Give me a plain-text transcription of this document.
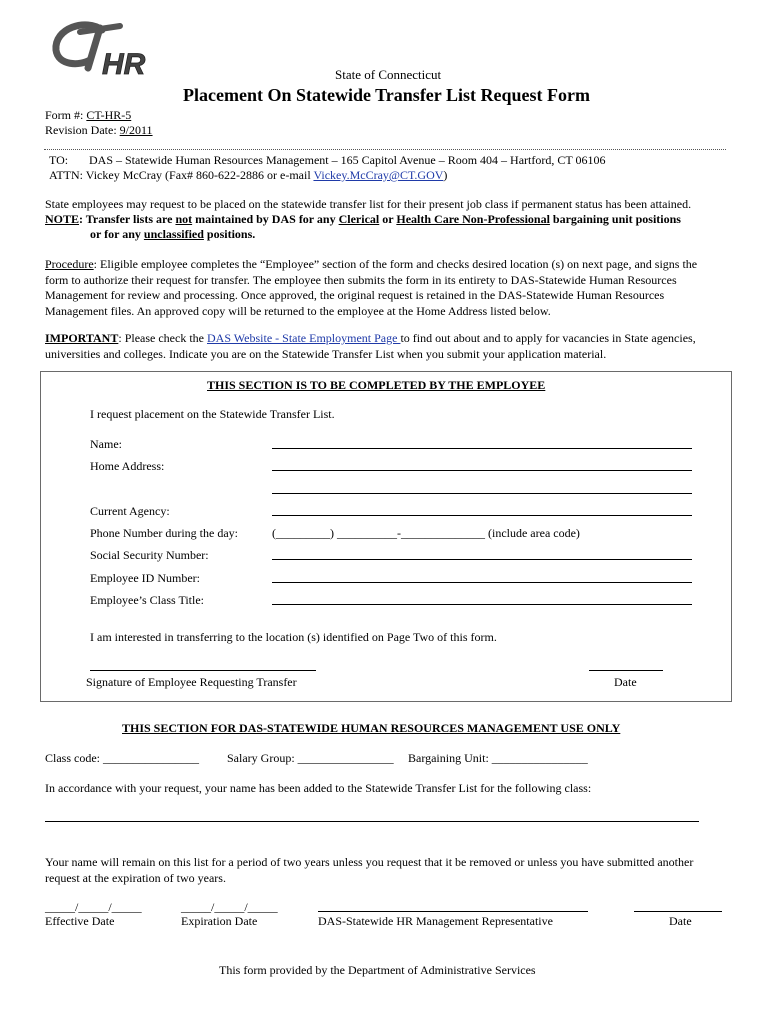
HR	State of Connecticut
Placement On Statewide Transfer List Request Form
Form #: CT-HR-5
Revision Date: 9/2011
TO: DAS – Statewide Human Resources Management – 165 Capitol Avenue – Room 404 – Hartford, CT 06106
ATTN: Vickey McCray (Fax# 860-622-2886 or e-mail Vickey.McCray@CT.GOV)
State employees may request to be placed on the statewide transfer list for their present job class if permanent status has been attained.
NOTE: Transfer lists are not maintained by DAS for any Clerical or Health Care Non-Professional bargaining unit positions
or for any unclassified positions.
Procedure: Eligible employee completes the “Employee” section of the form and checks desired location (s) on next page, and signs the form to authorize their request for transfer. The employee then submits the form in its entirety to DAS-Statewide Human Resources Management for review and processing. Once approved, the original request is retained in the DAS-Statewide Human Resources Management files. An approved copy will be returned to the employee at the Home Address listed below.
IMPORTANT: Please check the DAS Website - State Employment Page to find out about and to apply for vacancies in State agencies, universities and colleges. Indicate you are on the Statewide Transfer List when you submit your application material.
THIS SECTION IS TO BE COMPLETED BY THE EMPLOYEE
I request placement on the Statewide Transfer List.
Name:
Home Address:
Current Agency:
Phone Number during the day:	(_________) __________-______________ (include area code)
Social Security Number:
Employee ID Number:
Employee’s Class Title:
I am interested in transferring to the location (s) identified on Page Two of this form.
Signature of Employee Requesting Transfer	Date
THIS SECTION FOR DAS-STATEWIDE HUMAN RESOURCES MANAGEMENT USE ONLY
Class code: ________________ Salary Group: ________________ Bargaining Unit: ________________
In accordance with your request, your name has been added to the Statewide Transfer List for the following class:
Your name will remain on this list for a period of two years unless you request that it be removed or unless you have submitted another request at the expiration of two years.
_____/_____/_____	_____/_____/_____
Effective Date	Expiration Date	DAS-Statewide HR Management Representative	Date
This form provided by the Department of Administrative Services
